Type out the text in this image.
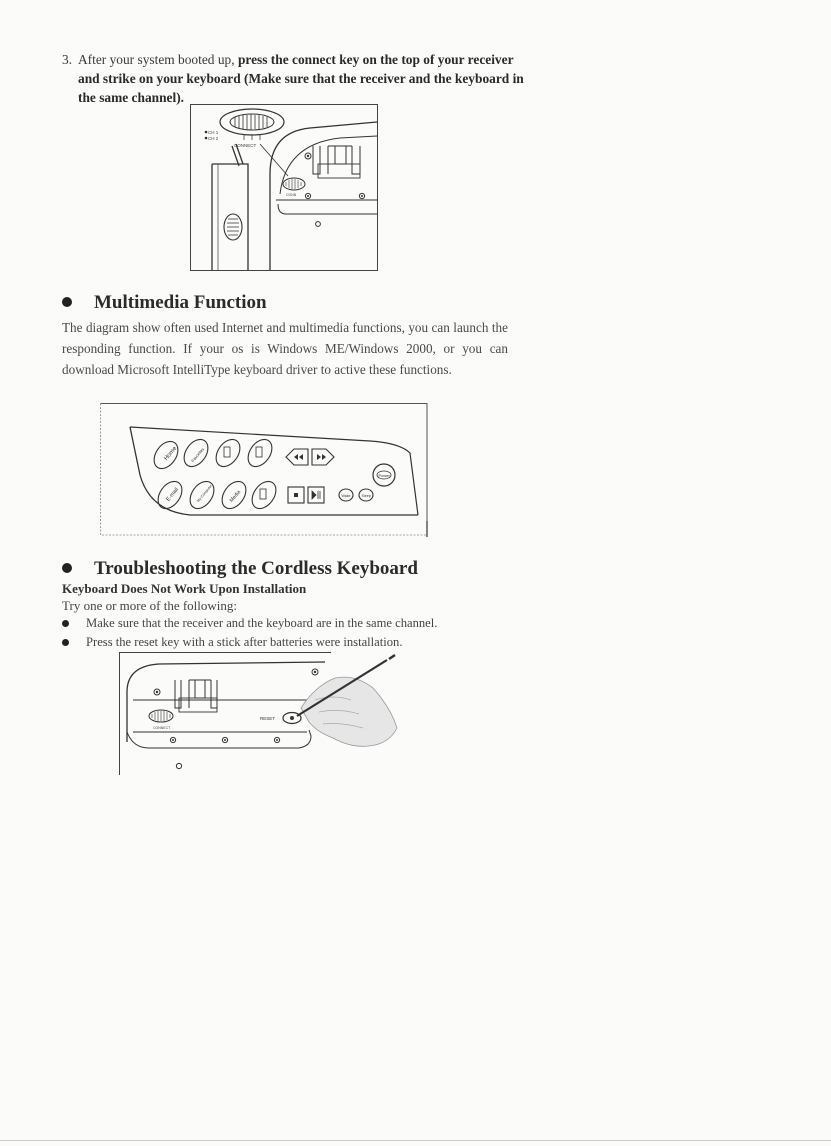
3. After your system booted up, press the connect key on the top of your receiver and strike on your keyboard (Make sure that the receiver and the keyboard in the same channel).
CH 1
CH 2
CONNECT
CONN
Multimedia Function
The diagram show often used Internet and multimedia functions, you can launch the responding function. If your os is Windows ME/Windows 2000, or you can download Microsoft IntelliType keyboard driver to active these functions.
Home	Favorites
Power
E-mail	My Computer	Media	Wake	Sleep
Troubleshooting the Cordless Keyboard
Keyboard Does Not Work Upon Installation
Try one or more of the following:
Make sure that the receiver and the keyboard are in the same channel.
Press the reset key with a stick after batteries were installation.
CONNECT
RESET
